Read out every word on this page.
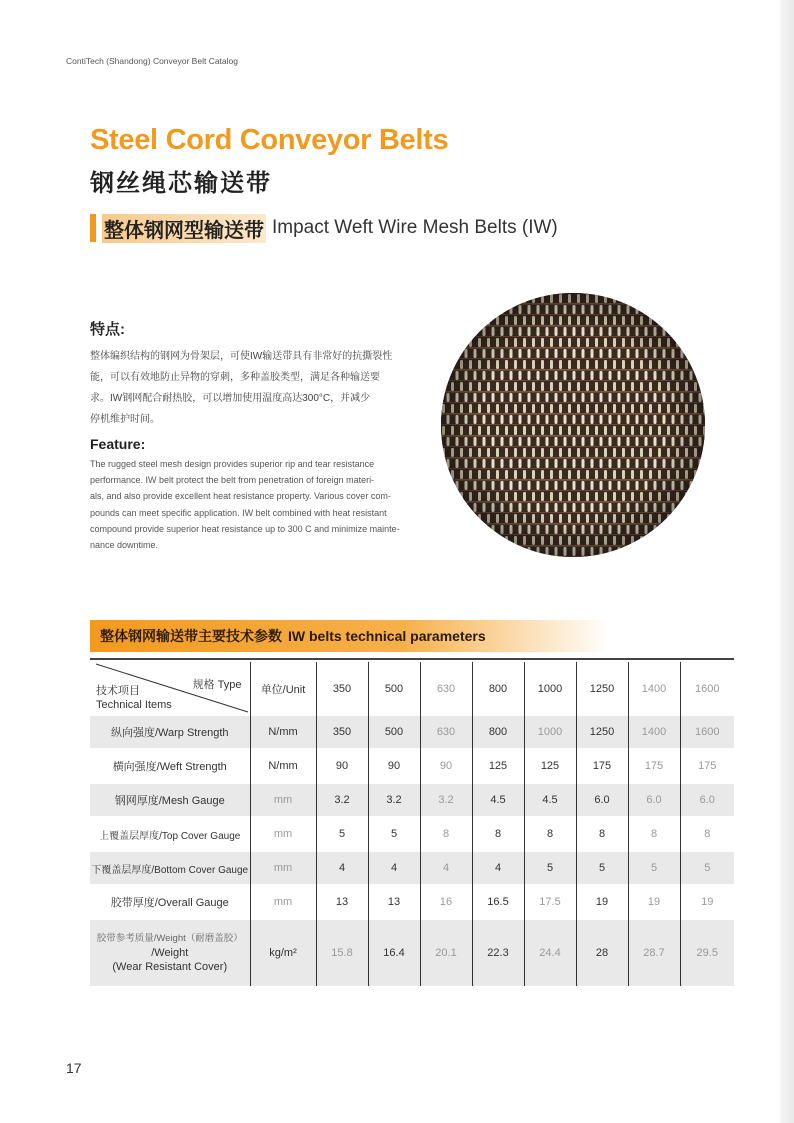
ContiTech (Shandong) Conveyor Belt Catalog
Steel Cord Conveyor Belts
钢丝绳芯输送带
整体钢网型输送带 Impact Weft Wire Mesh Belts (IW)
特点:
整体编织结构的钢网为骨架层，可使IW输送带具有非常好的抗撕裂性
能，可以有效地防止异物的穿刺，多种盖胶类型，满足各种输送要
求。IW钢网配合耐热胶，可以增加使用温度高达300°C，并减少
停机维护时间。
Feature:
The rugged steel mesh design provides superior rip and tear resistance
performance. IW belt protect the belt from penetration of foreign materi-
als, and also provide excellent heat resistance property. Various cover com-
pounds can meet specific application. IW belt combined with heat resistant
compound provide superior heat resistance up to 300 C and minimize mainte-
nance downtime.
整体钢网输送带主要技术参数 IW belts technical parameters
规格 Type
技术项目
Technical Items	单位/Unit	350	500	630	800	1000	1250	1400	1600
纵向强度/Warp Strength	N/mm	350	500	630	800	1000	1250	1400	1600
横向强度/Weft Strength	N/mm	90	90	90	125	125	175	175	175
钢网厚度/Mesh Gauge	mm	3.2	3.2	3.2	4.5	4.5	6.0	6.0	6.0
上覆盖层厚度/Top Cover Gauge	mm	5	5	8	8	8	8	8	8
下覆盖层厚度/Bottom Cover Gauge	mm	4	4	4	4	5	5	5	5
胶带厚度/Overall Gauge	mm	13	13	16	16.5	17.5	19	19	19

胶带参考质量/Weight（耐磨盖胶）
/Weight
(Wear Resistant Cover)	kg/m²	15.8	16.4	20.1	22.3	24.4	28	28.7	29.5
17
